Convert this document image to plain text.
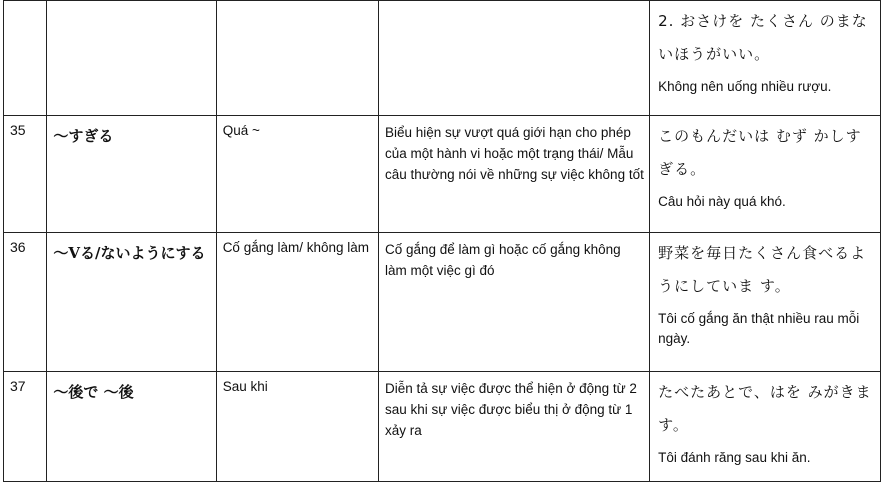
				2. おさけを たくさん のまないほうがいい。
Không nên uống nhiều rượu.

35	〜すぎる	Quá ~	Biểu hiện sự vượt quá giới hạn cho phép của một hành vi hoặc một trạng thái/ Mẫu câu thường nói về những sự việc không tốt	このもんだいは むず かしすぎる。
Câu hỏi này quá khó.

36	〜Vる/ないようにする	Cố gắng làm/ không làm	Cố gắng để làm gì hoặc cố gắng không làm một việc gì đó	野菜を毎日たくさん食べるようにしていま す。
Tôi cố gắng ăn thật nhiều rau mỗi ngày.

37	〜後で 〜後	Sau khi	Diễn tả sự việc được thể hiện ở động từ 2 sau khi sự việc được biểu thị ở động từ 1 xảy ra	たべたあとで、はを みがきます。
Tôi đánh răng sau khi ăn.
